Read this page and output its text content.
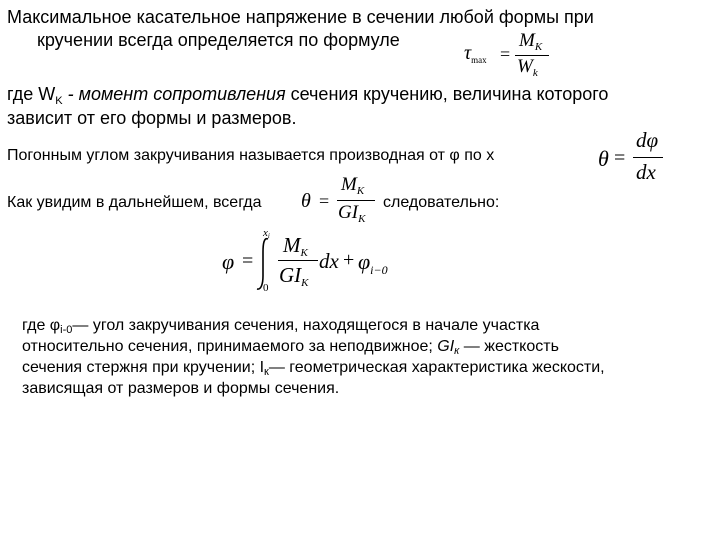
Максимальное касательное напряжение в сечении любой формы при
кручении всегда определяется по формуле
$\tau_{max}$ =
$M_K$
$W_k$
где $W_K$ - момент сопротивления сечения кручению, величина которого
зависит от его формы и размеров.
Погонным углом закручивания называется производная от φ по x	θ =
dφ
dx
Как увидим в дальнейшем, всегда	следовательно:
θ =
$M_K$
$GI_K$
φ =
xi
0
$M_K$
$GI_K$
dx + $\varphi_{i-0}$
где φi-0— угол закручивания сечения, находящегося в начале участка
относительно сечения, принимаемого за неподвижное; GIк — жесткость
сечения стержня при кручении; Iк— геометрическая характеристика жескости,
зависящая от размеров и формы сечения.
